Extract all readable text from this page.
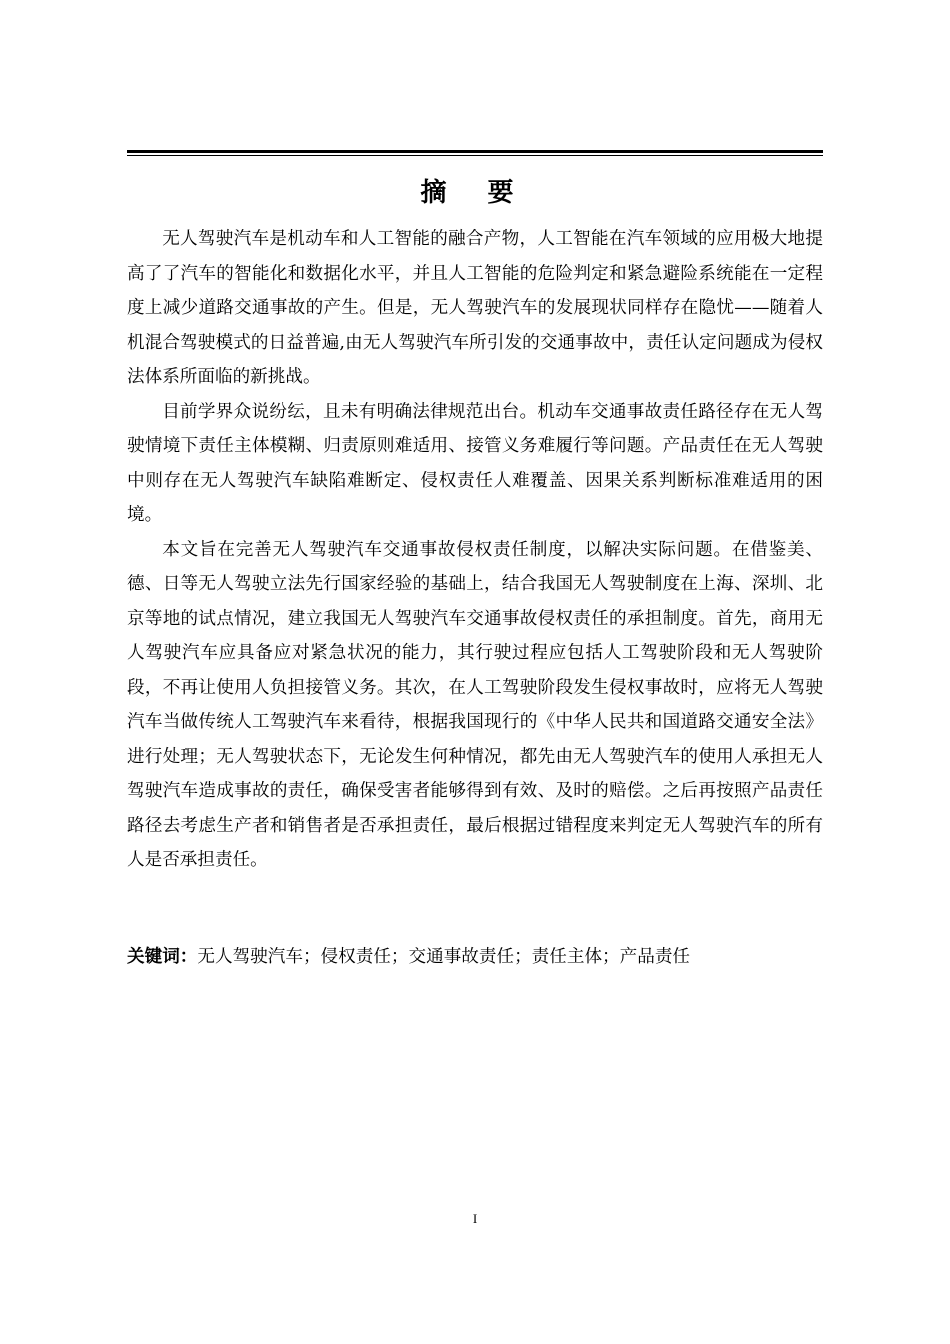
摘 要

无人驾驶汽车是机动车和人工智能的融合产物，人工智能在汽车领域的应用极大地提高了了汽车的智能化和数据化水平，并且人工智能的危险判定和紧急避险系统能在一定程度上减少道路交通事故的产生。但是，无人驾驶汽车的发展现状同样存在隐忧——随着人机混合驾驶模式的日益普遍,由无人驾驶汽车所引发的交通事故中，责任认定问题成为侵权法体系所面临的新挑战。

目前学界众说纷纭，且未有明确法律规范出台。机动车交通事故责任路径存在无人驾驶情境下责任主体模糊、归责原则难适用、接管义务难履行等问题。产品责任在无人驾驶中则存在无人驾驶汽车缺陷难断定、侵权责任人难覆盖、因果关系判断标准难适用的困境。

本文旨在完善无人驾驶汽车交通事故侵权责任制度，以解决实际问题。在借鉴美、德、日等无人驾驶立法先行国家经验的基础上，结合我国无人驾驶制度在上海、深圳、北京等地的试点情况，建立我国无人驾驶汽车交通事故侵权责任的承担制度。首先，商用无人驾驶汽车应具备应对紧急状况的能力，其行驶过程应包括人工驾驶阶段和无人驾驶阶段，不再让使用人负担接管义务。其次，在人工驾驶阶段发生侵权事故时，应将无人驾驶汽车当做传统人工驾驶汽车来看待，根据我国现行的《中华人民共和国道路交通安全法》进行处理；无人驾驶状态下，无论发生何种情况，都先由无人驾驶汽车的使用人承担无人驾驶汽车造成事故的责任，确保受害者能够得到有效、及时的赔偿。之后再按照产品责任路径去考虑生产者和销售者是否承担责任，最后根据过错程度来判定无人驾驶汽车的所有人是否承担责任。

关键词：无人驾驶汽车；侵权责任；交通事故责任；责任主体；产品责任
I
